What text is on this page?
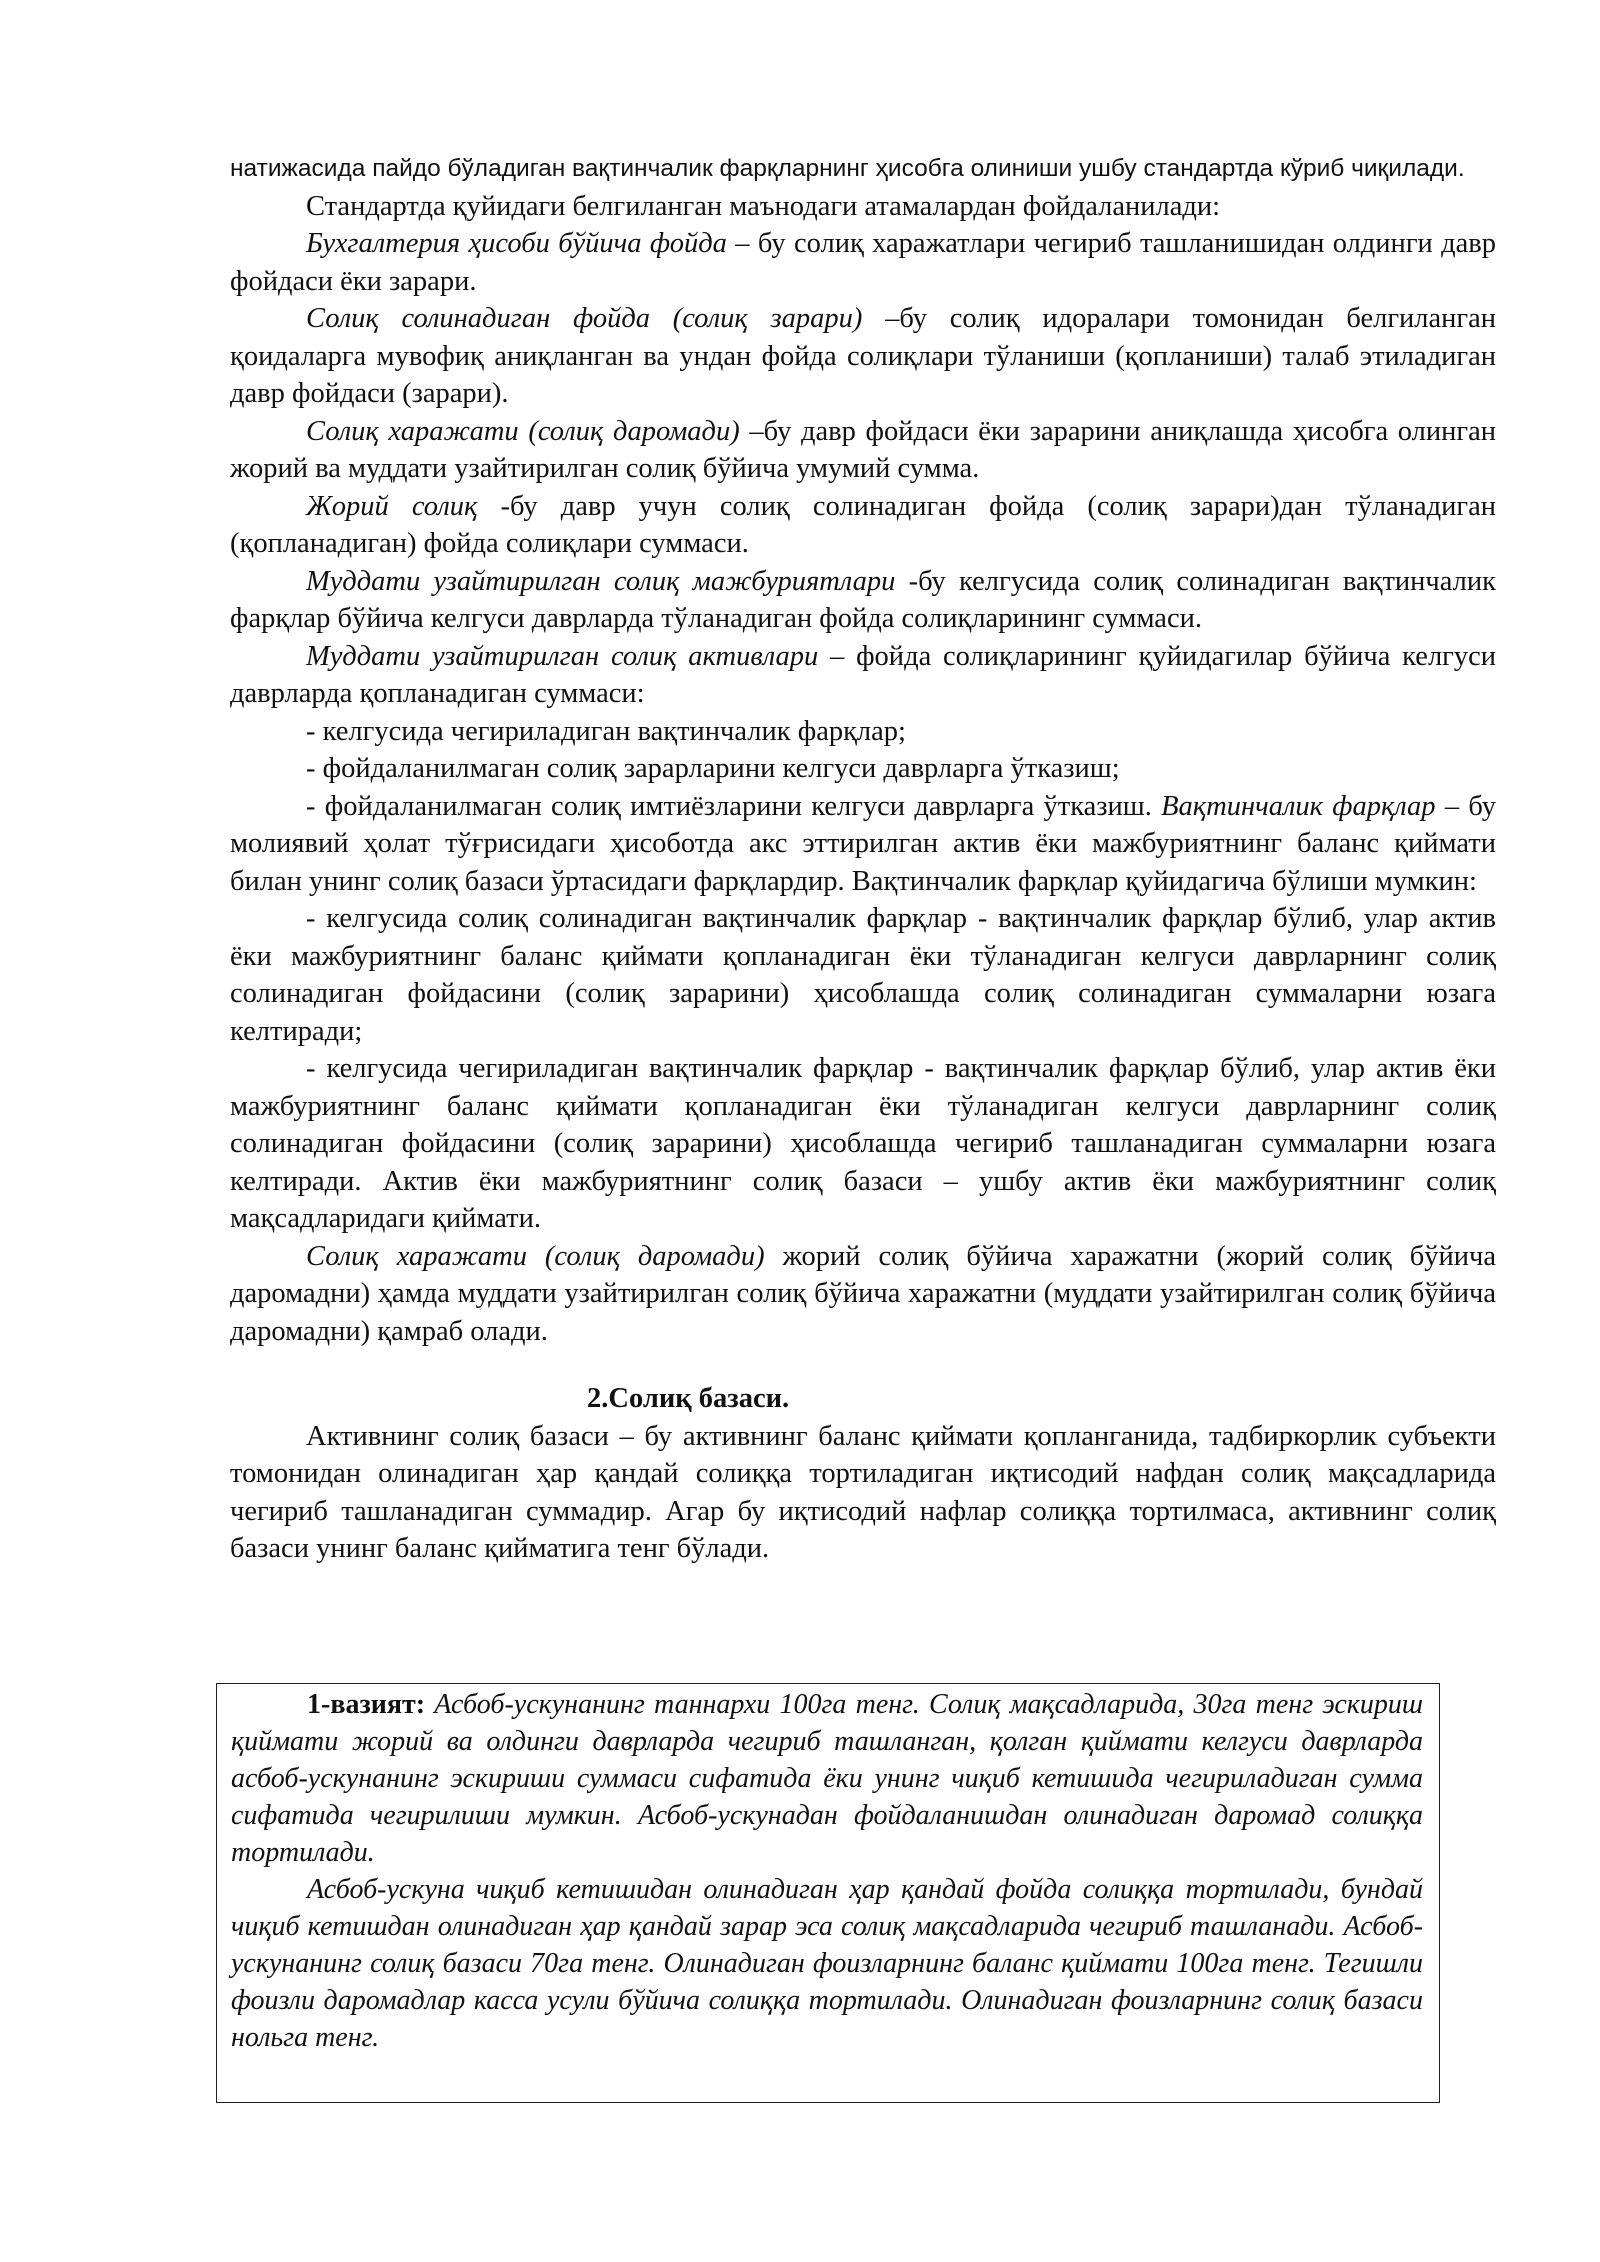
натижасида пайдо бўладиган вақтинчалик фарқларнинг ҳисобга олиниши ушбу стандартда кўриб чиқилади.

Стандартда қуйидаги белгиланган маънодаги атамалардан фойдаланилади:

Бухгалтерия ҳисоби бўйича фойда – бу солиқ харажатлари чегириб ташланишидан олдинги давр фойдаси ёки зарари.

Солиқ солинадиган фойда (солиқ зарари) –бу солиқ идоралари томонидан белгиланган қоидаларга мувофиқ аниқланган ва ундан фойда солиқлари тўланиши (қопланиши) талаб этиладиган давр фойдаси (зарари).

Солиқ харажати (солиқ даромади) –бу давр фойдаси ёки зарарини аниқлашда ҳисобга олинган жорий ва муддати узайтирилган солиқ бўйича умумий сумма.

Жорий солиқ -бу давр учун солиқ солинадиган фойда (солиқ зарари)дан тўланадиган (қопланадиган) фойда солиқлари суммаси.

Муддати узайтирилган солиқ мажбуриятлари -бу келгусида солиқ солинадиган вақтинчалик фарқлар бўйича келгуси даврларда тўланадиган фойда солиқларининг суммаси.

Муддати узайтирилган солиқ активлари – фойда солиқларининг қуйидагилар бўйича келгуси даврларда қопланадиган суммаси:

- келгусида чегириладиган вақтинчалик фарқлар;

- фойдаланилмаган солиқ зарарларини келгуси даврларга ўтказиш;

- фойдаланилмаган солиқ имтиёзларини келгуси даврларга ўтказиш. Вақтинчалик фарқлар – бу молиявий ҳолат тўғрисидаги ҳисоботда акс эттирилган актив ёки мажбуриятнинг баланс қиймати билан унинг солиқ базаси ўртасидаги фарқлардир. Вақтинчалик фарқлар қуйидагича бўлиши мумкин:

- келгусида солиқ солинадиган вақтинчалик фарқлар - вақтинчалик фарқлар бўлиб, улар актив ёки мажбуриятнинг баланс қиймати қопланадиган ёки тўланадиган келгуси даврларнинг солиқ солинадиган фойдасини (солиқ зарарини) ҳисоблашда солиқ солинадиган суммаларни юзага келтиради;

- келгусида чегириладиган вақтинчалик фарқлар - вақтинчалик фарқлар бўлиб, улар актив ёки мажбуриятнинг баланс қиймати қопланадиган ёки тўланадиган келгуси даврларнинг солиқ солинадиган фойдасини (солиқ зарарини) ҳисоблашда чегириб ташланадиган суммаларни юзага келтиради. Актив ёки мажбуриятнинг солиқ базаси – ушбу актив ёки мажбуриятнинг солиқ мақсадларидаги қиймати.

Солиқ харажати (солиқ даромади) жорий солиқ бўйича харажатни (жорий солиқ бўйича даромадни) ҳамда муддати узайтирилган солиқ бўйича харажатни (муддати узайтирилган солиқ бўйича даромадни) қамраб олади.

2.Солиқ базаси.

Активнинг солиқ базаси – бу активнинг баланс қиймати қопланганида, тадбиркорлик субъекти томонидан олинадиган ҳар қандай солиққа тортиладиган иқтисодий нафдан солиқ мақсадларида чегириб ташланадиган суммадир. Агар бу иқтисодий нафлар солиққа тортилмаса, активнинг солиқ базаси унинг баланс қийматига тенг бўлади.

1-вазият: Асбоб-ускунанинг таннархи 100га тенг. Солиқ мақсадларида, 30га тенг эскириш қиймати жорий ва олдинги даврларда чегириб ташланган, қолган қиймати келгуси даврларда асбоб-ускунанинг эскириши суммаси сифатида ёки унинг чиқиб кетишида чегириладиган сумма сифатида чегирилиши мумкин. Асбоб-ускунадан фойдаланишдан олинадиган даромад солиққа тортилади.

Асбоб-ускуна чиқиб кетишидан олинадиган ҳар қандай фойда солиққа тортилади, бундай чиқиб кетишдан олинадиган ҳар қандай зарар эса солиқ мақсадларида чегириб ташланади. Асбоб- ускунанинг солиқ базаси 70га тенг. Олинадиган фоизларнинг баланс қиймати 100га тенг. Тегишли фоизли даромадлар касса усули бўйича солиққа тортилади. Олинадиган фоизларнинг солиқ базаси нольга тенг.
